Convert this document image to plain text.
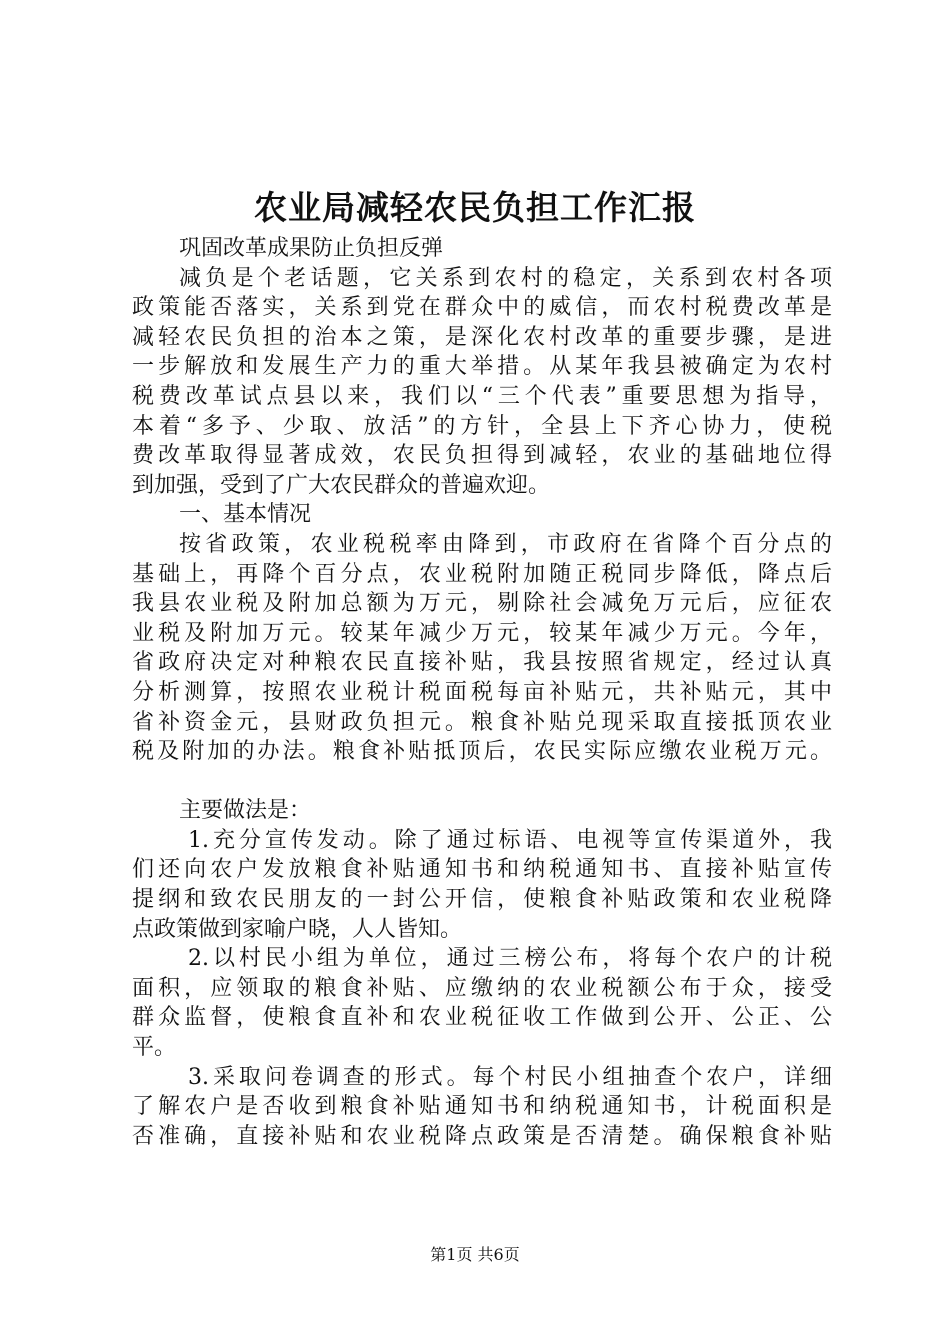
农业局减轻农民负担工作汇报
巩固改革成果防止负担反弹
减负是个老话题，它关系到农村的稳定，关系到农村各项
政策能否落实，关系到党在群众中的威信，而农村税费改革是
减轻农民负担的治本之策，是深化农村改革的重要步骤，是进
一步解放和发展生产力的重大举措。从某年我县被确定为农村
税费改革试点县以来，我们以“三个代表”重要思想为指导，
本着“多予、少取、放活”的方针，全县上下齐心协力，使税
费改革取得显著成效，农民负担得到减轻，农业的基础地位得
到加强，受到了广大农民群众的普遍欢迎。
一、基本情况
按省政策，农业税税率由降到，市政府在省降个百分点的
基础上，再降个百分点，农业税附加随正税同步降低，降点后
我县农业税及附加总额为万元，剔除社会减免万元后，应征农
业税及附加万元。较某年减少万元，较某年减少万元。今年，
省政府决定对种粮农民直接补贴，我县按照省规定，经过认真
分析测算，按照农业税计税面税每亩补贴元，共补贴元，其中
省补资金元，县财政负担元。粮食补贴兑现采取直接抵顶农业
税及附加的办法。粮食补贴抵顶后，农民实际应缴农业税万元。
主要做法是：
1.充分宣传发动。除了通过标语、电视等宣传渠道外，我
们还向农户发放粮食补贴通知书和纳税通知书、直接补贴宣传
提纲和致农民朋友的一封公开信，使粮食补贴政策和农业税降
点政策做到家喻户晓，人人皆知。
2.以村民小组为单位，通过三榜公布，将每个农户的计税
面积，应领取的粮食补贴、应缴纳的农业税额公布于众，接受
群众监督，使粮食直补和农业税征收工作做到公开、公正、公
平。
3.采取问卷调查的形式。每个村民小组抽查个农户，详细
了解农户是否收到粮食补贴通知书和纳税通知书，计税面积是
否准确，直接补贴和农业税降点政策是否清楚。确保粮食补贴
第1页 共6页
